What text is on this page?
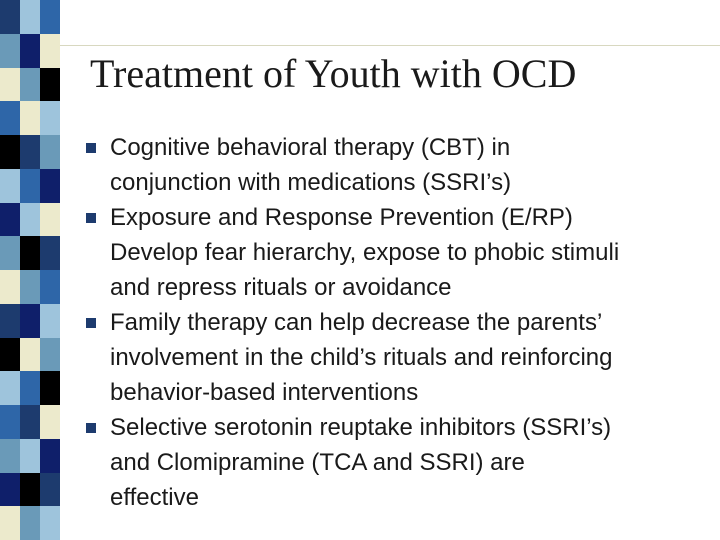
Treatment of Youth with OCD
Cognitive behavioral therapy (CBT) in
conjunction with medications (SSRI’s)
Exposure and Response Prevention (E/RP)
Develop fear hierarchy, expose to phobic stimuli
and repress rituals or avoidance
Family therapy can help decrease the parents’
involvement in the child’s rituals and reinforcing
behavior-based interventions
Selective serotonin reuptake inhibitors (SSRI’s)
and Clomipramine (TCA and SSRI) are
effective
